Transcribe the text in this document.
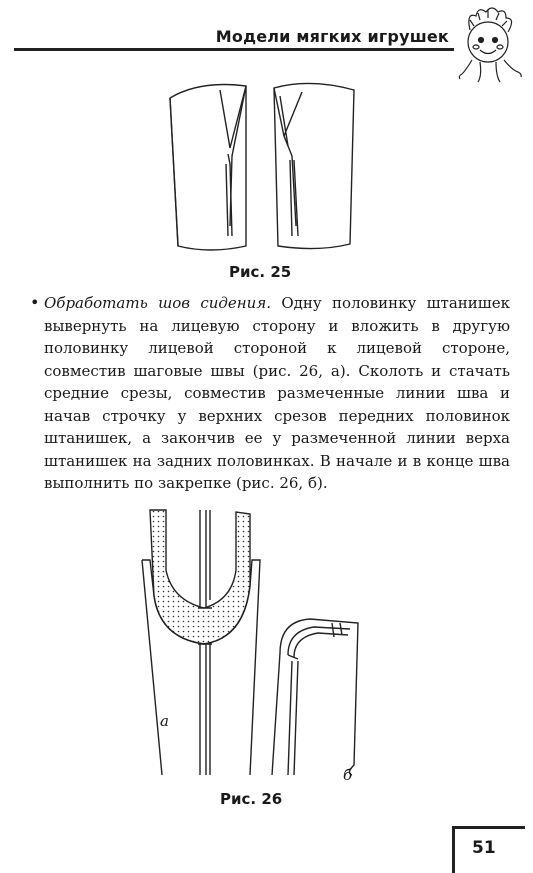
Модели мягких игрушек
Рис. 25
• Обработать шов сидения. Одну половинку штанишек вывернуть на лицевую сторону и вложить в другую половинку лицевой стороной к лицевой стороне, совместив шаговые швы (рис. 26, а). Сколоть и стачать средние срезы, совместив размеченные линии шва и начав строчку у верхних срезов передних половинок штанишек, а закончив ее у размеченной линии верха штанишек на задних половинках. В начале и в конце шва выполнить по закрепке (рис. 26, б).
а
б
Рис. 26
51
